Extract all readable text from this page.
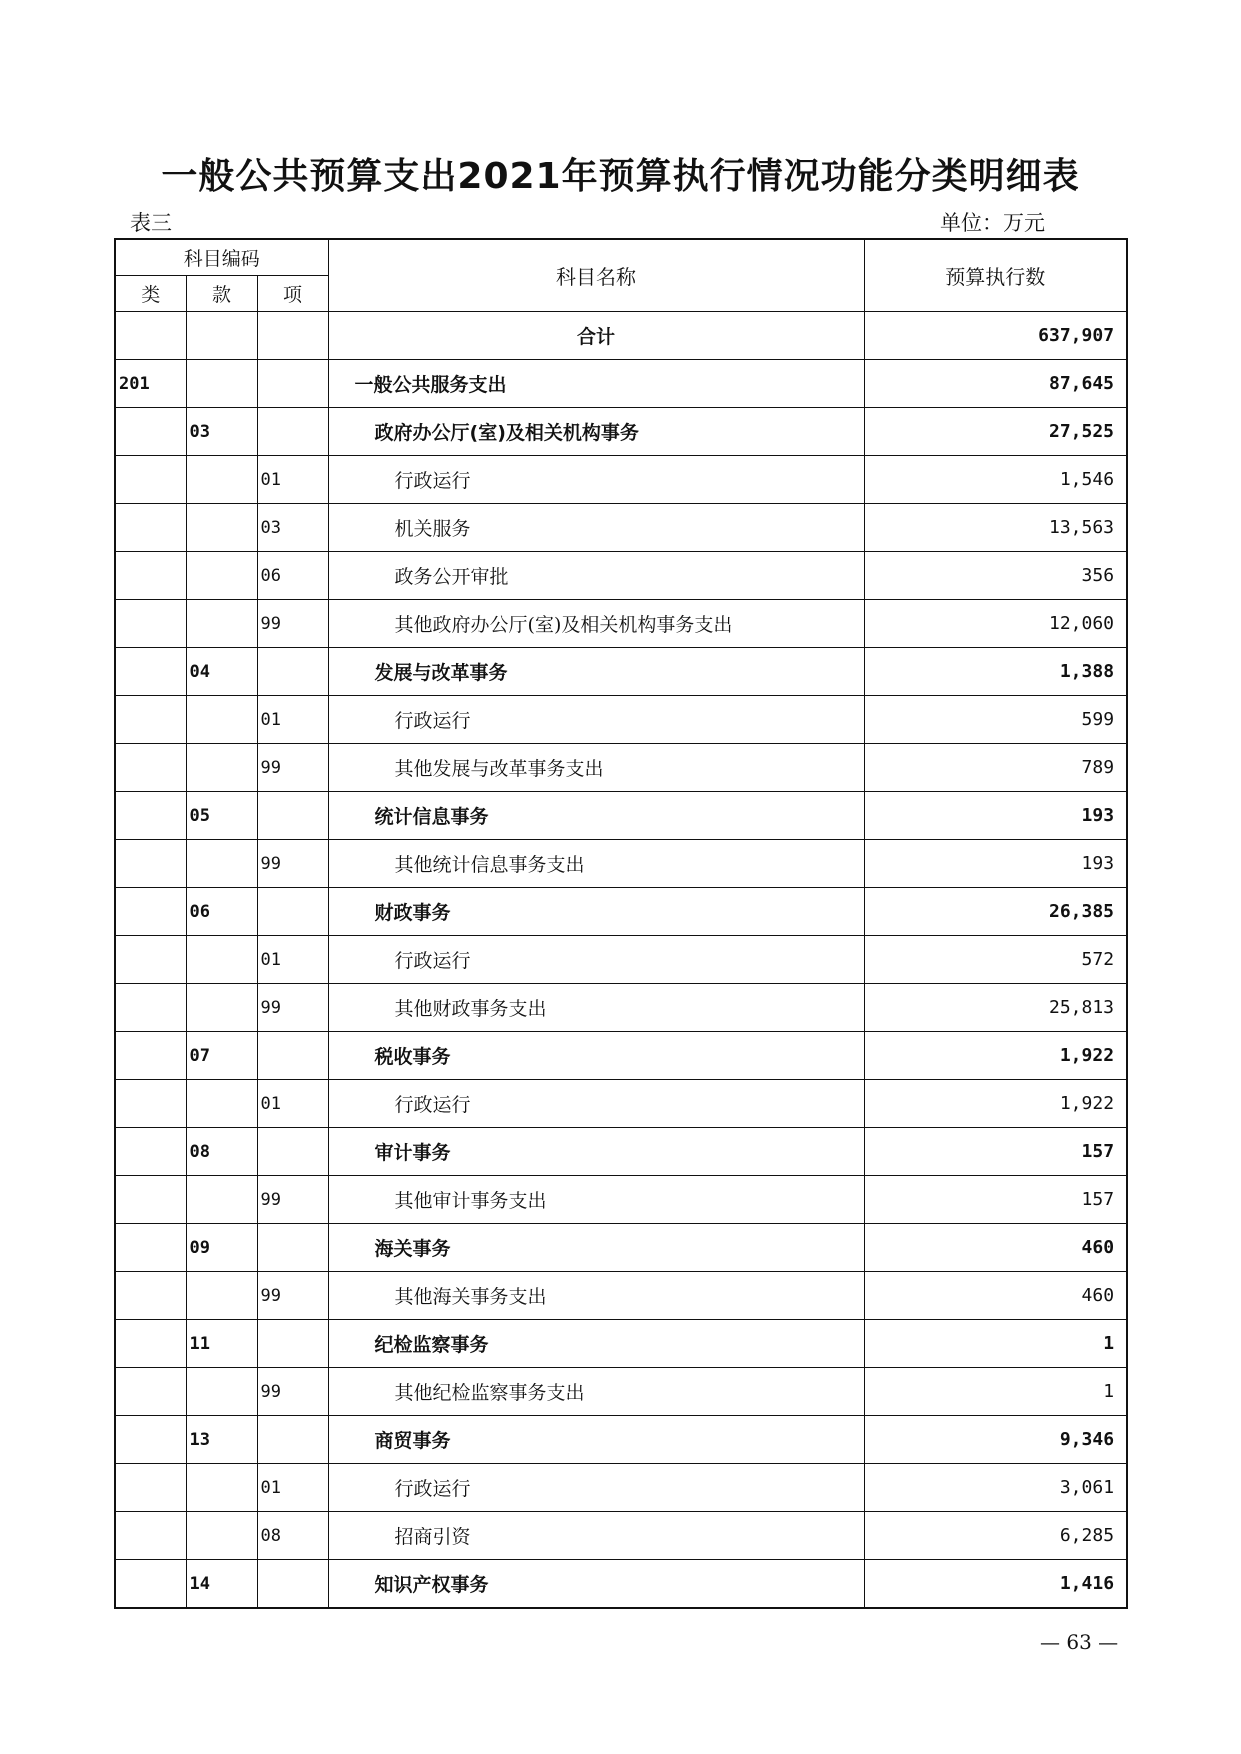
一般公共预算支出2021年预算执行情况功能分类明细表
表三	单位：万元
科目编码			科目名称	预算执行数
类	款	项		
			合计	637,907
201			一般公共服务支出	87,645
	03		政府办公厅(室)及相关机构事务	27,525
		01	行政运行	1,546
		03	机关服务	13,563
		06	政务公开审批	356
		99	其他政府办公厅(室)及相关机构事务支出	12,060
	04		发展与改革事务	1,388
		01	行政运行	599
		99	其他发展与改革事务支出	789
	05		统计信息事务	193
		99	其他统计信息事务支出	193
	06		财政事务	26,385
		01	行政运行	572
		99	其他财政事务支出	25,813
	07		税收事务	1,922
		01	行政运行	1,922
	08		审计事务	157
		99	其他审计事务支出	157
	09		海关事务	460
		99	其他海关事务支出	460
	11		纪检监察事务	1
		99	其他纪检监察事务支出	1
	13		商贸事务	9,346
		01	行政运行	3,061
		08	招商引资	6,285
	14		知识产权事务	1,416
— 63 —
